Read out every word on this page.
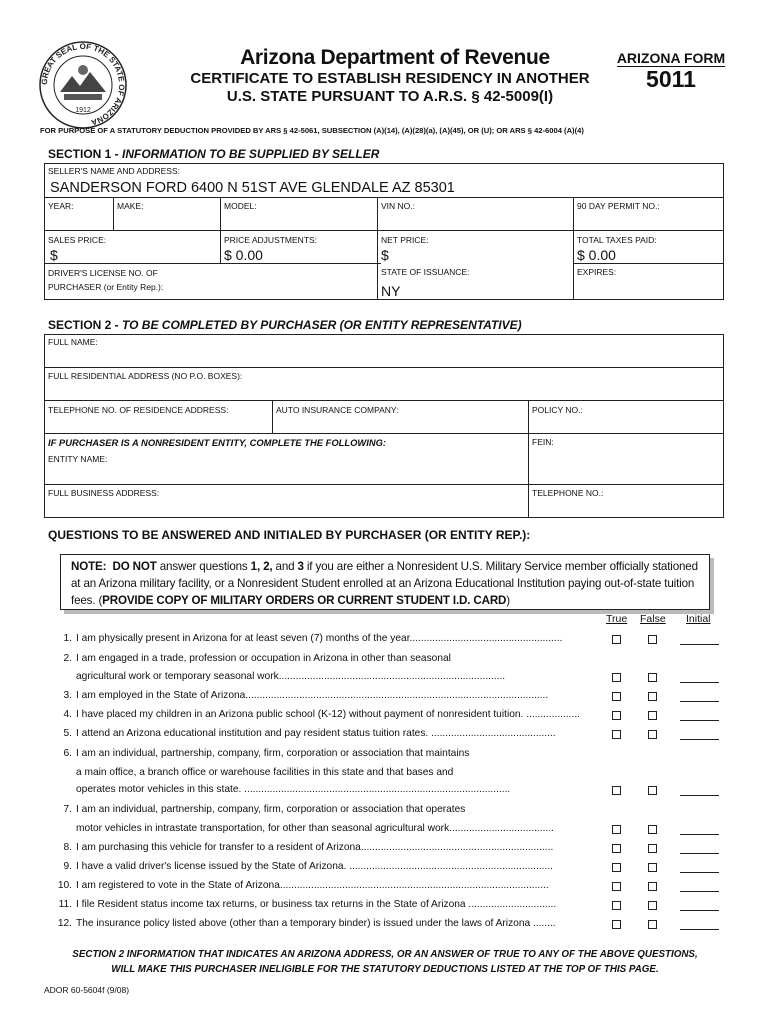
GREAT SEAL OF THE STATE OF ARIZONA
1912
Arizona Department of Revenue
CERTIFICATE TO ESTABLISH RESIDENCY IN ANOTHER
U.S. STATE PURSUANT TO A.R.S. § 42-5009(I)
ARIZONA FORM
5011
FOR PURPOSE OF A STATUTORY DEDUCTION PROVIDED BY ARS § 42-5061, SUBSECTION (A)(14), (A)(28)(a), (A)(45), OR (U); OR ARS § 42-6004 (A)(4)
SECTION 1 - INFORMATION TO BE SUPPLIED BY SELLER
SELLER'S NAME AND ADDRESS:
SANDERSON FORD 6400 N 51ST AVE GLENDALE AZ 85301
YEAR:	MAKE:	MODEL:	VIN NO.:	90 DAY PERMIT NO.:
SALES PRICE:
$
PRICE ADJUSTMENTS:
$ 0.00
NET PRICE:
$
TOTAL TAXES PAID:
$ 0.00
DRIVER'S LICENSE NO. OF
PURCHASER (or Entity Rep.):
STATE OF ISSUANCE:
NY
EXPIRES:
SECTION 2 - TO BE COMPLETED BY PURCHASER (OR ENTITY REPRESENTATIVE)
FULL NAME:
FULL RESIDENTIAL ADDRESS (NO P.O. BOXES):
TELEPHONE NO. OF RESIDENCE ADDRESS:	AUTO INSURANCE COMPANY:	POLICY NO.:
IF PURCHASER IS A NONRESIDENT ENTITY, COMPLETE THE FOLLOWING:	FEIN:
ENTITY NAME:
FULL BUSINESS ADDRESS:	TELEPHONE NO.:
QUESTIONS TO BE ANSWERED AND INITIALED BY PURCHASER (OR ENTITY REP.):
NOTE: DO NOT answer questions 1, 2, and 3 if you are either a Nonresident U.S. Military Service member officially stationed at an Arizona military facility, or a Nonresident Student enrolled at an Arizona Educational Institution paying out-of-state tuition fees. (PROVIDE COPY OF MILITARY ORDERS OR CURRENT STUDENT I.D. CARD)
True False Initial
1. I am physically present in Arizona for at least seven (7) months of the year......................................................
2. I am engaged in a trade, profession or occupation in Arizona in other than seasonal
agricultural work or temporary seasonal work................................................................................
3. I am employed in the State of Arizona...........................................................................................................
4. I have placed my children in an Arizona public school (K-12) without payment of nonresident tuition. ...................
5. I attend an Arizona educational institution and pay resident status tuition rates. ............................................
6. I am an individual, partnership, company, firm, corporation or association that maintains
a main office, a branch office or warehouse facilities in this state and that bases and
operates motor vehicles in this state. ..............................................................................................
7. I am an individual, partnership, company, firm, corporation or association that operates
motor vehicles in intrastate transportation, for other than seasonal agricultural work.....................................
8. I am purchasing this vehicle for transfer to a resident of Arizona....................................................................
9. I have a valid driver's license issued by the State of Arizona. ........................................................................
10. I am registered to vote in the State of Arizona...............................................................................................
11. I file Resident status income tax returns, or business tax returns in the State of Arizona ...............................
12. The insurance policy listed above (other than a temporary binder) is issued under the laws of Arizona ........
SECTION 2 INFORMATION THAT INDICATES AN ARIZONA ADDRESS, OR AN ANSWER OF TRUE TO ANY OF THE ABOVE QUESTIONS,
WILL MAKE THIS PURCHASER INELIGIBLE FOR THE STATUTORY DEDUCTIONS LISTED AT THE TOP OF THIS PAGE.
ADOR 60-5604f (9/08)
